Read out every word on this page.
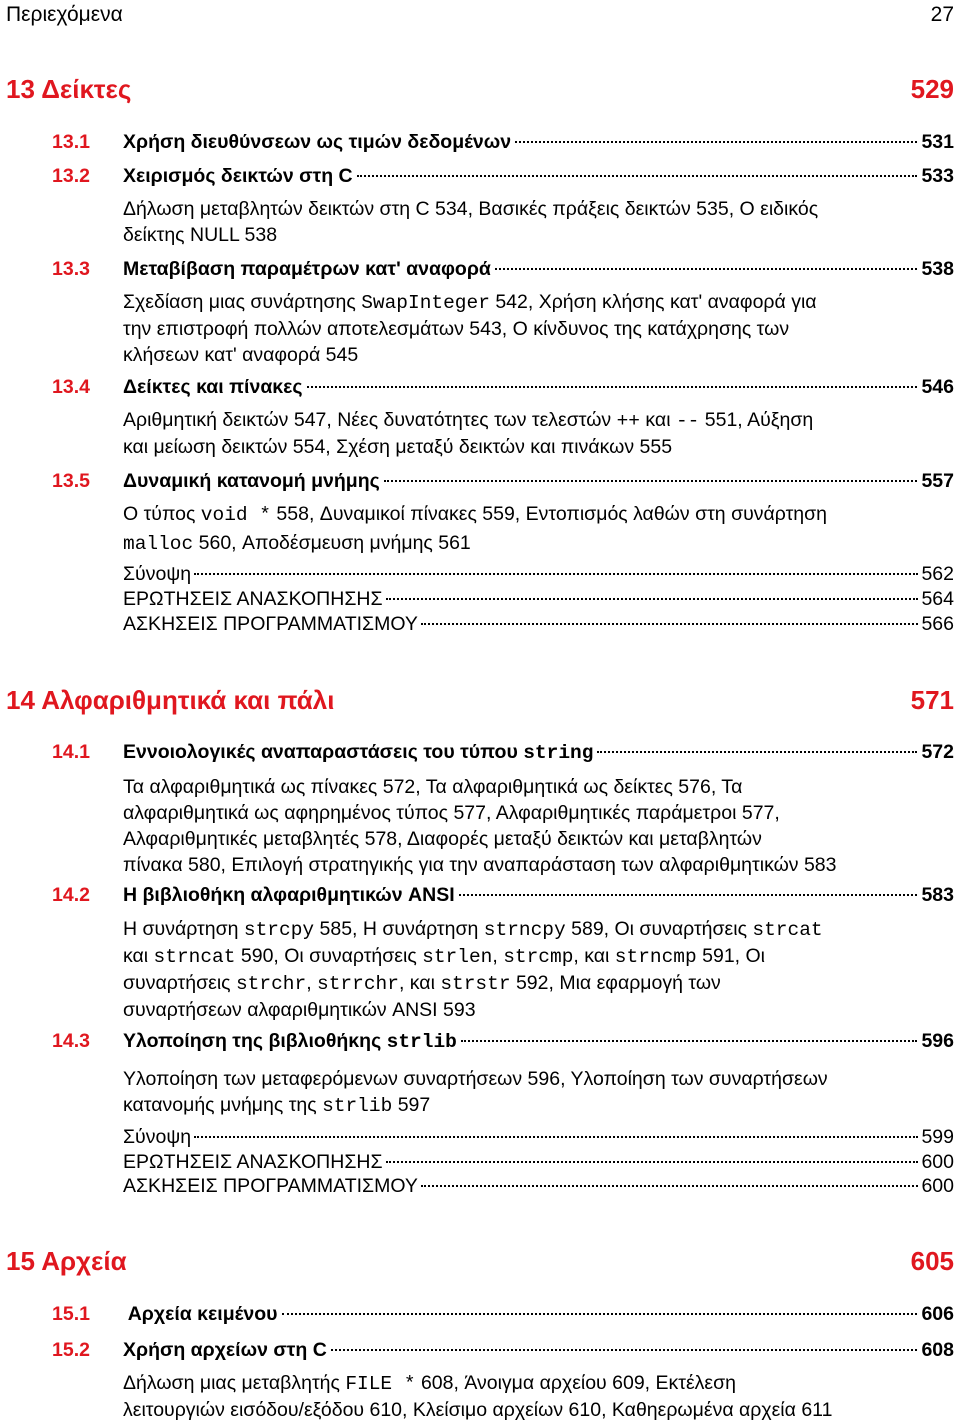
Περιεχόμενα	27
13 Δείκτες	529
13.1	Χρήση διευθύνσεων ως τιμών δεδομένων	531
13.2	Χειρισμός δεικτών στη C	533
Δήλωση μεταβλητών δεικτών στη C 534, Βασικές πράξεις δεικτών 535, Ο ειδικός
δείκτης NULL 538
13.3	Μεταβίβαση παραμέτρων κατ' αναφορά	538
Σχεδίαση μιας συνάρτησης SwapInteger 542, Χρήση κλήσης κατ' αναφορά για
την επιστροφή πολλών αποτελεσμάτων 543, Ο κίνδυνος της κατάχρησης των
κλήσεων κατ' αναφορά 545
13.4	Δείκτες και πίνακες	546
Αριθμητική δεικτών 547, Νέες δυνατότητες των τελεστών ++ και -- 551, Αύξηση
και μείωση δεικτών 554, Σχέση μεταξύ δεικτών και πινάκων 555
13.5	Δυναμική κατανομή μνήμης	557
Ο τύπος void * 558, Δυναμικοί πίνακες 559, Εντοπισμός λαθών στη συνάρτηση
malloc 560, Αποδέσμευση μνήμης 561
Σύνοψη	562
ΕΡΩΤΗΣΕΙΣ ΑΝΑΣΚΟΠΗΣΗΣ	564
ΑΣΚΗΣΕΙΣ ΠΡΟΓΡΑΜΜΑΤΙΣΜΟΥ	566
14 Αλφαριθμητικά και πάλι	571
14.1	Εννοιολογικές αναπαραστάσεις του τύπου string	572
Τα αλφαριθμητικά ως πίνακες 572, Τα αλφαριθμητικά ως δείκτες 576, Τα
αλφαριθμητικά ως αφηρημένος τύπος 577, Αλφαριθμητικές παράμετροι 577,
Αλφαριθμητικές μεταβλητές 578, Διαφορές μεταξύ δεικτών και μεταβλητών
πίνακα 580, Επιλογή στρατηγικής για την αναπαράσταση των αλφαριθμητικών 583
14.2	Η βιβλιοθήκη αλφαριθμητικών ANSI	583
Η συνάρτηση strcpy 585, Η συνάρτηση strncpy 589, Οι συναρτήσεις strcat
και strncat 590, Οι συναρτήσεις strlen, strcmp, και strncmp 591, Οι
συναρτήσεις strchr, strrchr, και strstr 592, Μια εφαρμογή των
συναρτήσεων αλφαριθμητικών ANSI 593
14.3	Υλοποίηση της βιβλιοθήκης strlib	596
Υλοποίηση των μεταφερόμενων συναρτήσεων 596, Υλοποίηση των συναρτήσεων
κατανομής μνήμης της strlib 597
Σύνοψη	599
ΕΡΩΤΗΣΕΙΣ ΑΝΑΣΚΟΠΗΣΗΣ	600
ΑΣΚΗΣΕΙΣ ΠΡΟΓΡΑΜΜΑΤΙΣΜΟΥ	600
15 Αρχεία	605
15.1	Αρχεία κειμένου	606
15.2	Χρήση αρχείων στη C	608
Δήλωση μιας μεταβλητής FILE * 608, Άνοιγμα αρχείου 609, Εκτέλεση
λειτουργιών εισόδου/εξόδου 610, Κλείσιμο αρχείων 610, Καθηερωμένα αρχεία 611
